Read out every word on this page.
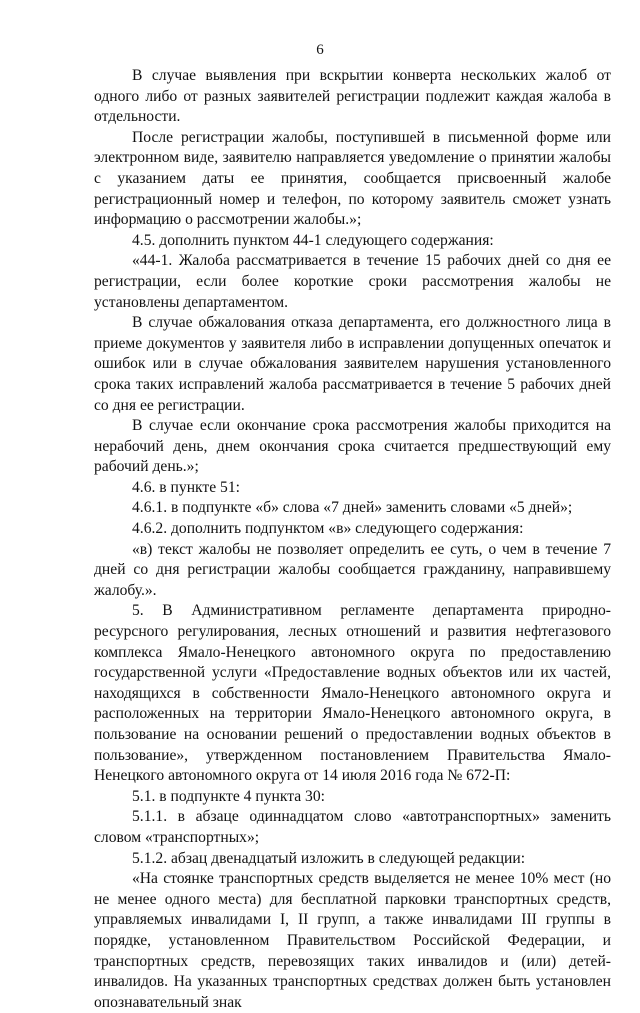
6

В случае выявления при вскрытии конверта нескольких жалоб от одного либо от разных заявителей регистрации подлежит каждая жалоба в отдельности.

После регистрации жалобы, поступившей в письменной форме или электронном виде, заявителю направляется уведомление о принятии жалобы с указанием даты ее принятия, сообщается присвоенный жалобе регистрационный номер и телефон, по которому заявитель сможет узнать информацию о рассмотрении жалобы.»;

4.5. дополнить пунктом 44-1 следующего содержания:

«44-1. Жалоба рассматривается в течение 15 рабочих дней со дня ее регистрации, если более короткие сроки рассмотрения жалобы не установлены департаментом.

В случае обжалования отказа департамента, его должностного лица в приеме документов у заявителя либо в исправлении допущенных опечаток и ошибок или в случае обжалования заявителем нарушения установленного срока таких исправлений жалоба рассматривается в течение 5 рабочих дней со дня ее регистрации.

В случае если окончание срока рассмотрения жалобы приходится на нерабочий день, днем окончания срока считается предшествующий ему рабочий день.»;

4.6. в пункте 51:

4.6.1. в подпункте «б» слова «7 дней» заменить словами «5 дней»;

4.6.2. дополнить подпунктом «в» следующего содержания:

«в) текст жалобы не позволяет определить ее суть, о чем в течение 7 дней со дня регистрации жалобы сообщается гражданину, направившему жалобу.».

5. В Административном регламенте департамента природно-ресурсного регулирования, лесных отношений и развития нефтегазового комплекса Ямало-Ненецкого автономного округа по предоставлению государственной услуги «Предоставление водных объектов или их частей, находящихся в собственности Ямало-Ненецкого автономного округа и расположенных на территории Ямало-Ненецкого автономного округа, в пользование на основании решений о предоставлении водных объектов в пользование», утвержденном постановлением Правительства Ямало-Ненецкого автономного округа от 14 июля 2016 года № 672-П:

5.1. в подпункте 4 пункта 30:

5.1.1. в абзаце одиннадцатом слово «автотранспортных» заменить словом «транспортных»;

5.1.2. абзац двенадцатый изложить в следующей редакции:

«На стоянке транспортных средств выделяется не менее 10% мест (но не менее одного места) для бесплатной парковки транспортных средств, управляемых инвалидами I, II групп, а также инвалидами III группы в порядке, установленном Правительством Российской Федерации, и транспортных средств, перевозящих таких инвалидов и (или) детей-инвалидов. На указанных транспортных средствах должен быть установлен опознавательный знак
